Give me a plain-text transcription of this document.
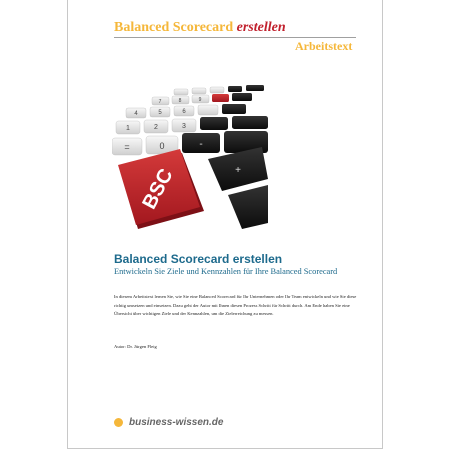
Balanced Scorecard erstellen
Arbeitstext
7	8	9
4	5	6
1	2	3
=	0	-
BSC	+
Balanced Scorecard erstellen
Entwickeln Sie Ziele und Kennzahlen für Ihre Balanced Scorecard

In diesem Arbeitstext lernen Sie, wie Sie eine Balanced Scorecard für Ihr Unternehmen oder Ihr Team entwickeln und wie Sie diese richtig umsetzen und einsetzen. Dazu geht der Autor mit Ihnen diesen Prozess Schritt für Schritt durch. Am Ende haben Sie eine Übersicht über wichtigen Ziele und der Kennzahlen, um die Zielerreichung zu messen.

Autor: Dr. Jürgen Fleig
business-wissen.de
